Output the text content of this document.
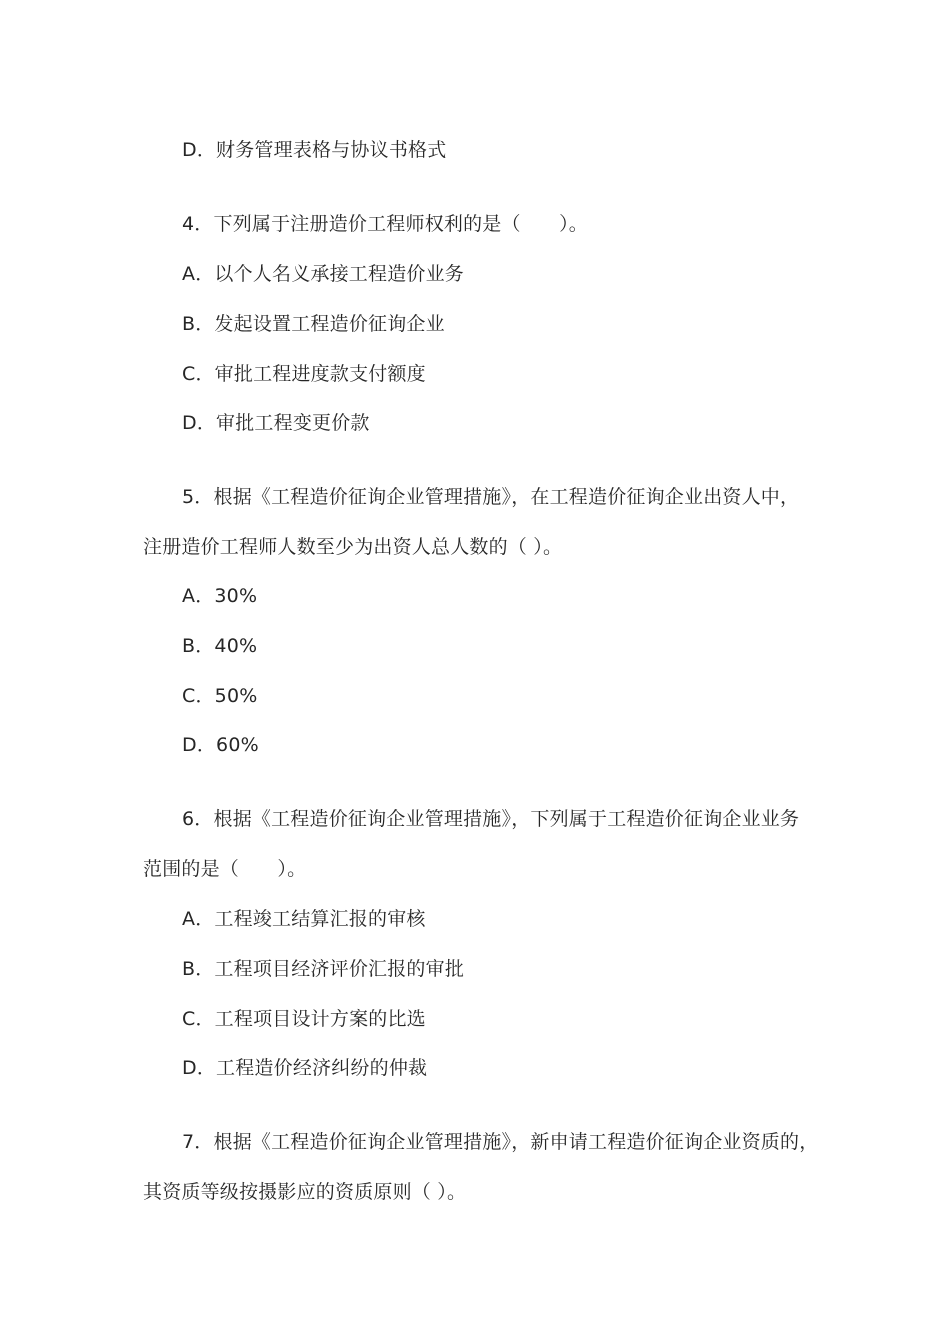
D．财务管理表格与协议书格式
4．下列属于注册造价工程师权利的是（　　）。
A．以个人名义承接工程造价业务
B．发起设置工程造价征询企业
C．审批工程进度款支付额度
D．审批工程变更价款
5．根据《工程造价征询企业管理措施》，在工程造价征询企业出资人中，
注册造价工程师人数至少为出资人总人数的（ ）。
A．30%
B．40%
C．50%
D．60%
6．根据《工程造价征询企业管理措施》，下列属于工程造价征询企业业务
范围的是（　　）。
A．工程竣工结算汇报的审核
B．工程项目经济评价汇报的审批
C．工程项目设计方案的比选
D．工程造价经济纠纷的仲裁
7．根据《工程造价征询企业管理措施》，新申请工程造价征询企业资质的，
其资质等级按摄影应的资质原则（ ）。
